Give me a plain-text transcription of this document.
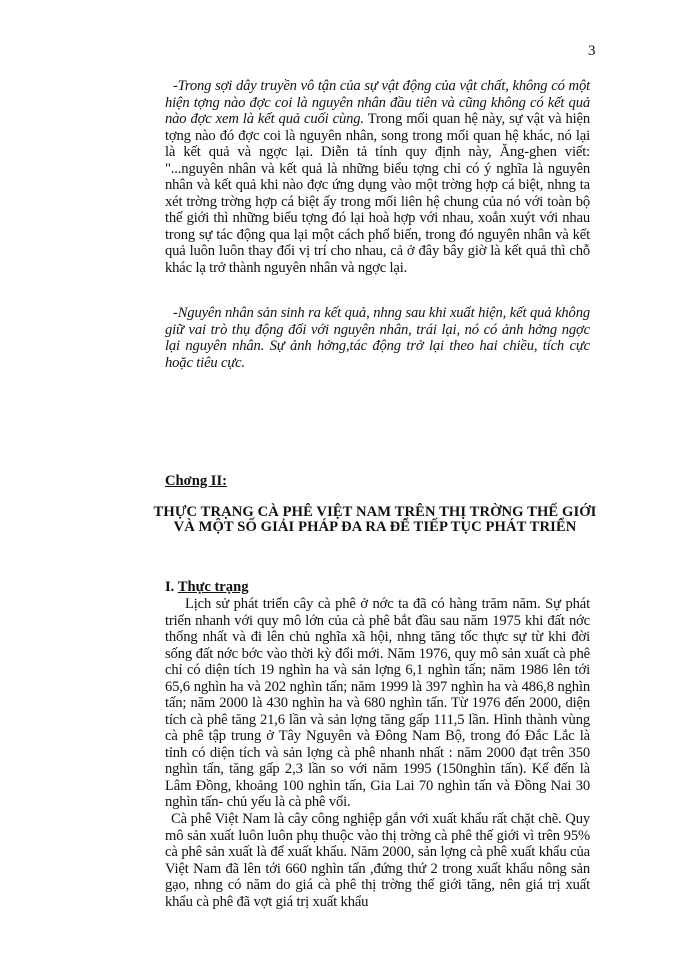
3

-Trong sợi dây truyền vô tận của sự vật động của vật chất, không có một hiện tợng nào đợc coi là nguyên nhân đầu tiên và cũng không có kết quả nào đợc xem là kết quả cuối cùng. Trong mối quan hệ này, sự vật và hiện tợng nào đó đợc coi là nguyên nhân, song trong mối quan hệ khác, nó lại là kết quả và ngợc lại. Diễn tả tính quy định này, Ăng-ghen viết: "...nguyên nhân và kết quả là những biểu tợng chỉ có ý nghĩa là nguyên nhân và kết quả khi nào đợc ứng dụng vào một trờng hợp cá biệt, nhng ta xét trờng trờng hợp cá biệt ấy trong mối liên hệ chung của nó với toàn bộ thế giới thì những biểu tợng đó lại hoà hợp với nhau, xoắn xuýt với nhau trong sự tác động qua lại một cách phổ biến, trong đó nguyên nhân và kết quả luôn luôn thay đổi vị trí cho nhau, cả ở đây bây giờ là kết quả thì chỗ khác lạ trở thành nguyên nhân và ngợc lại.

-Nguyên nhân sản sinh ra kết quả, nhng sau khi xuất hiện, kết quả không giữ vai trò thụ động đối với nguyên nhân, trái lại, nó có ảnh hởng ngợc lại nguyên nhân. Sự ảnh hởng,tác động trở lại theo hai chiều, tích cực hoặc tiêu cực.

Chơng II:
THỰC TRẠNG CÀ PHÊ VIỆT NAM TRÊN THỊ TRỜNG THẾ GIỚI VÀ MỘT SỐ GIẢI PHÁP ĐA RA ĐỂ TIẾP TỤC PHÁT TRIỂN
I. Thực trạng

Lịch sử phát triển cây cà phê ở nớc ta đã có hàng trăm năm. Sự phát triển nhanh với quy mô lớn của cà phê bắt đầu sau năm 1975 khi đất nớc thống nhất và đi lên chủ nghĩa xã hội, nhng tăng tốc thực sự từ khi đời sống đất nớc bớc vào thời kỳ đổi mới. Năm 1976, quy mô sản xuất cà phê chỉ có diện tích 19 nghìn ha và sản lợng 6,1 nghìn tấn; năm 1986 lên tới 65,6 nghìn ha và 202 nghìn tấn; năm 1999 là 397 nghìn ha và 486,8 nghìn tấn; năm 2000 là 430 nghìn ha và 680 nghìn tấn. Từ 1976 đến 2000, diện tích cà phê tăng 21,6 lần và sản lợng tăng gấp 111,5 lần. Hình thành vùng cà phê tập trung ở Tây Nguyên và Đông Nam Bộ, trong đó Đắc Lắc là tỉnh có diện tích và sản lợng cà phê nhanh nhất : năm 2000 đạt trên 350 nghìn tấn, tăng gấp 2,3 lần so với năm 1995 (150nghìn tấn). Kế đến là Lâm Đồng, khoảng 100 nghìn tấn, Gia Lai 70 nghìn tấn và Đồng Nai 30 nghìn tấn- chủ yếu là cà phê vối.

Cà phê Việt Nam là cây công nghiệp gắn với xuất khẩu rất chặt chẽ. Quy mô sản xuất luôn luôn phụ thuộc vào thị trờng cà phê thế giới vì trên 95% cà phê sản xuất là để xuất khẩu. Năm 2000, sản lợng cà phê xuất khẩu của Việt Nam đã lên tới 660 nghìn tấn ,đứng thứ 2 trong xuất khẩu nông sản gạo, nhng có năm do giá cà phê thị trờng thế giới tăng, nên giá trị xuất khẩu cà phê đã vợt giá trị xuất khẩu
